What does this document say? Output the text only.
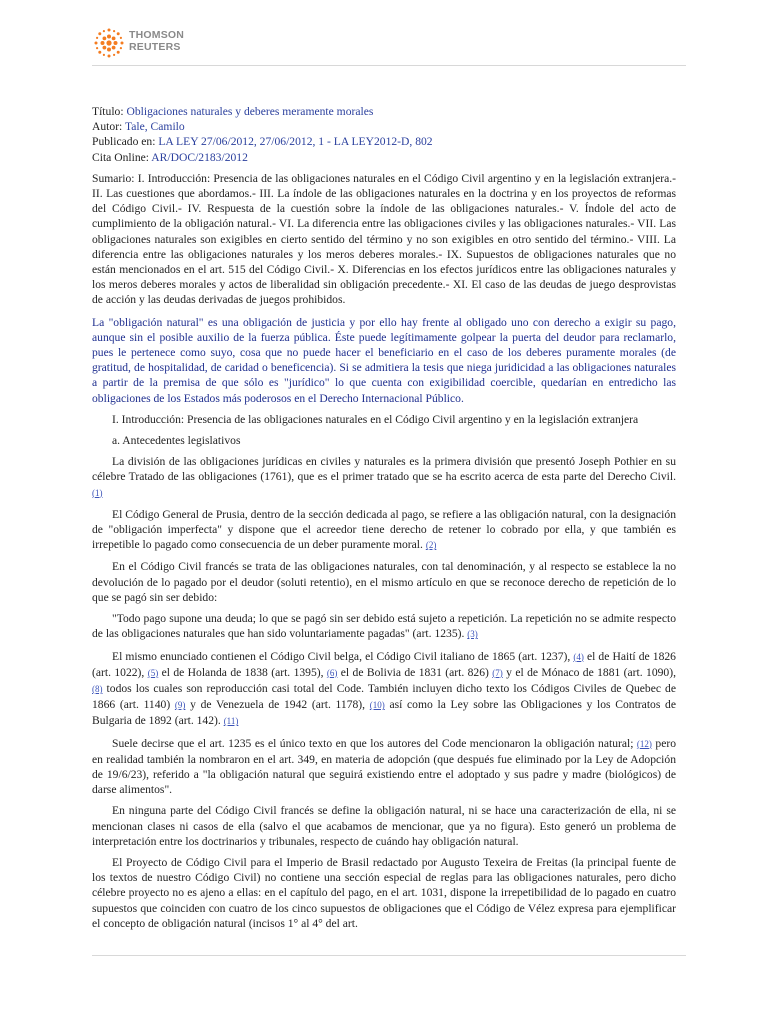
THOMSON
REUTERS

Título: Obligaciones naturales y deberes meramente morales

Autor: Tale, Camilo

Publicado en: LA LEY 27/06/2012, 27/06/2012, 1 - LA LEY2012-D, 802

Cita Online: AR/DOC/2183/2012

Sumario: I. Introducción: Presencia de las obligaciones naturales en el Código Civil argentino y en la legislación extranjera.- II. Las cuestiones que abordamos.- III. La índole de las obligaciones naturales en la doctrina y en los proyectos de reformas del Código Civil.- IV. Respuesta de la cuestión sobre la índole de las obligaciones naturales.- V. Índole del acto de cumplimiento de la obligación natural.- VI. La diferencia entre las obligaciones civiles y las obligaciones naturales.- VII. Las obligaciones naturales son exigibles en cierto sentido del término y no son exigibles en otro sentido del término.- VIII. La diferencia entre las obligaciones naturales y los meros deberes morales.- IX. Supuestos de obligaciones naturales que no están mencionados en el art. 515 del Código Civil.- X. Diferencias en los efectos jurídicos entre las obligaciones naturales y los meros deberes morales y actos de liberalidad sin obligación precedente.- XI. El caso de las deudas de juego desprovistas de acción y las deudas derivadas de juegos prohibidos.

La "obligación natural" es una obligación de justicia y por ello hay frente al obligado uno con derecho a exigir su pago, aunque sin el posible auxilio de la fuerza pública. Éste puede legítimamente golpear la puerta del deudor para reclamarlo, pues le pertenece como suyo, cosa que no puede hacer el beneficiario en el caso de los deberes puramente morales (de gratitud, de hospitalidad, de caridad o beneficencia). Si se admitiera la tesis que niega juridicidad a las obligaciones naturales a partir de la premisa de que sólo es "jurídico" lo que cuenta con exigibilidad coercible, quedarían en entredicho las obligaciones de los Estados más poderosos en el Derecho Internacional Público.

I. Introducción: Presencia de las obligaciones naturales en el Código Civil argentino y en la legislación extranjera

a. Antecedentes legislativos

La división de las obligaciones jurídicas en civiles y naturales es la primera división que presentó Joseph Pothier en su célebre Tratado de las obligaciones (1761), que es el primer tratado que se ha escrito acerca de esta parte del Derecho Civil. (1)

El Código General de Prusia, dentro de la sección dedicada al pago, se refiere a las obligación natural, con la designación de "obligación imperfecta" y dispone que el acreedor tiene derecho de retener lo cobrado por ella, y que también es irrepetible lo pagado como consecuencia de un deber puramente moral. (2)

En el Código Civil francés se trata de las obligaciones naturales, con tal denominación, y al respecto se establece la no devolución de lo pagado por el deudor (soluti retentio), en el mismo artículo en que se reconoce derecho de repetición de lo que se pagó sin ser debido:

"Todo pago supone una deuda; lo que se pagó sin ser debido está sujeto a repetición. La repetición no se admite respecto de las obligaciones naturales que han sido voluntariamente pagadas" (art. 1235). (3)

El mismo enunciado contienen el Código Civil belga, el Código Civil italiano de 1865 (art. 1237), (4) el de Haití de 1826 (art. 1022), (5) el de Holanda de 1838 (art. 1395), (6) el de Bolivia de 1831 (art. 826) (7) y el de Mónaco de 1881 (art. 1090), (8) todos los cuales son reproducción casi total del Code. También incluyen dicho texto los Códigos Civiles de Quebec de 1866 (art. 1140) (9) y de Venezuela de 1942 (art. 1178), (10) así como la Ley sobre las Obligaciones y los Contratos de Bulgaria de 1892 (art. 142). (11)

Suele decirse que el art. 1235 es el único texto en que los autores del Code mencionaron la obligación natural; (12) pero en realidad también la nombraron en el art. 349, en materia de adopción (que después fue eliminado por la Ley de Adopción de 19/6/23), referido a "la obligación natural que seguirá existiendo entre el adoptado y sus padre y madre (biológicos) de darse alimentos".

En ninguna parte del Código Civil francés se define la obligación natural, ni se hace una caracterización de ella, ni se mencionan clases ni casos de ella (salvo el que acabamos de mencionar, que ya no figura). Esto generó un problema de interpretación entre los doctrinarios y tribunales, respecto de cuándo hay obligación natural.

El Proyecto de Código Civil para el Imperio de Brasil redactado por Augusto Texeira de Freitas (la principal fuente de los textos de nuestro Código Civil) no contiene una sección especial de reglas para las obligaciones naturales, pero dicho célebre proyecto no es ajeno a ellas: en el capítulo del pago, en el art. 1031, dispone la irrepetibilidad de lo pagado en cuatro supuestos que coinciden con cuatro de los cinco supuestos de obligaciones que el Código de Vélez expresa para ejemplificar el concepto de obligación natural (incisos 1° al 4° del art.
